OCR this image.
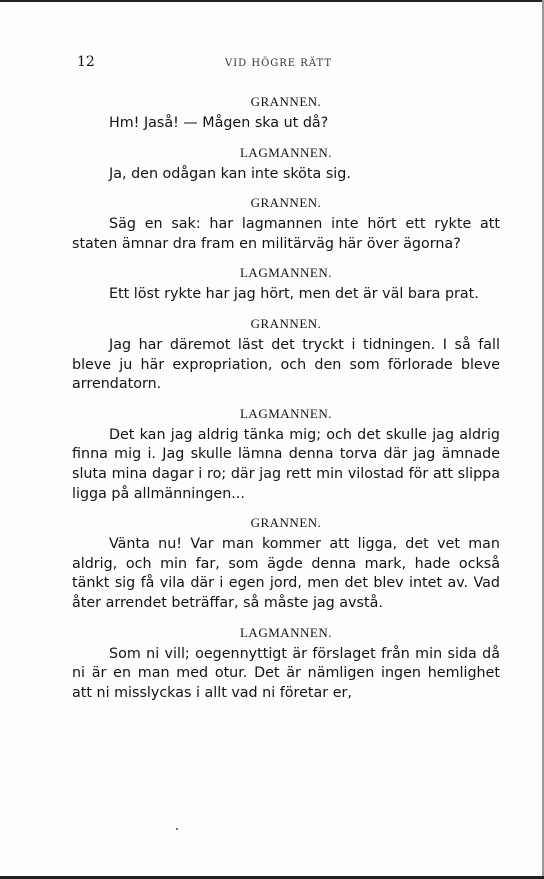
12	VID HÖGRE RÄTT
GRANNEN.
Hm! Jaså! — Mågen ska ut då?
LAGMANNEN.
Ja, den odågan kan inte sköta sig.
GRANNEN.
Säg en sak: har lagmannen inte hört ett rykte att staten ämnar dra fram en militärväg här över ägorna?
LAGMANNEN.
Ett löst rykte har jag hört, men det är väl bara prat.
GRANNEN.
Jag har däremot läst det tryckt i tidningen. I så fall bleve ju här expropriation, och den som förlorade bleve arrendatorn.
LAGMANNEN.
Det kan jag aldrig tänka mig; och det skulle jag aldrig finna mig i. Jag skulle lämna denna torva där jag ämnade sluta mina dagar i ro; där jag rett min vilostad för att slippa ligga på allmänningen...
GRANNEN.
Vänta nu! Var man kommer att ligga, det vet man aldrig, och min far, som ägde denna mark, hade också tänkt sig få vila där i egen jord, men det blev intet av. Vad åter arrendet beträffar, så måste jag avstå.
LAGMANNEN.
Som ni vill; oegennyttigt är förslaget från min sida då ni är en man med otur. Det är nämligen ingen hemlighet att ni misslyckas i allt vad ni företar er,
